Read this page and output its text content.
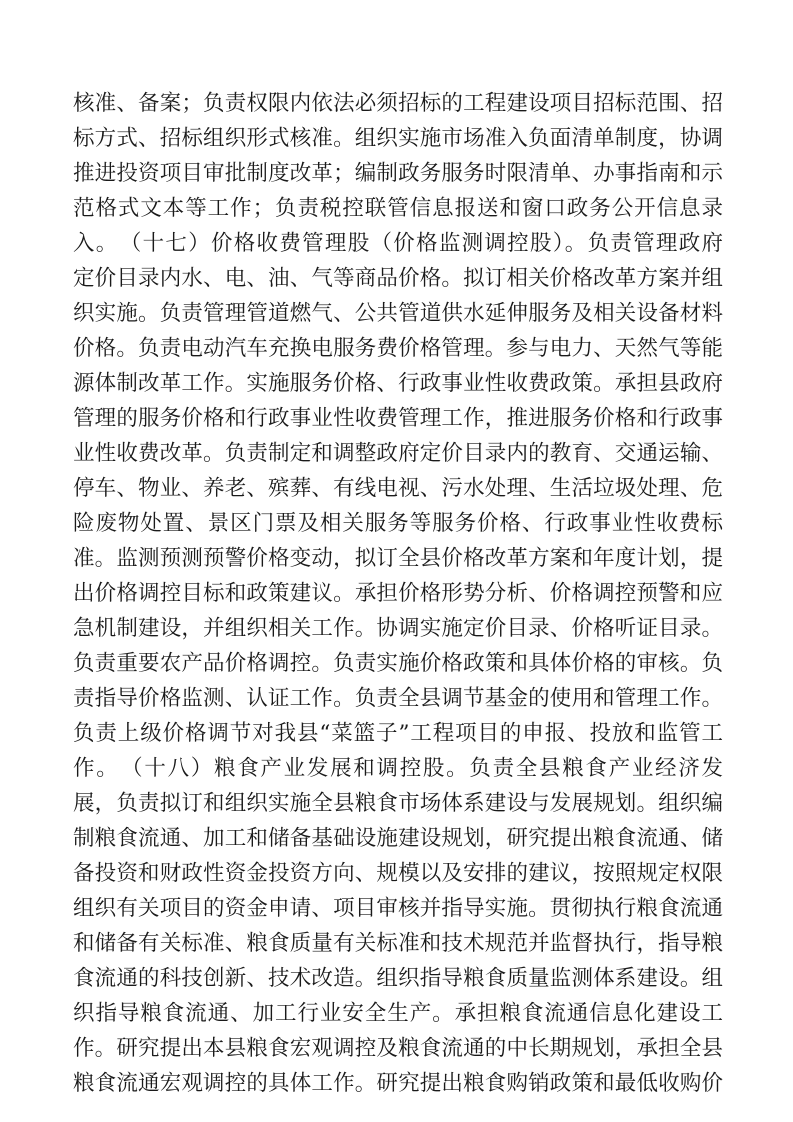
核准、备案；负责权限内依法必须招标的工程建设项目招标范围、招
标方式、招标组织形式核准。组织实施市场准入负面清单制度，协调
推进投资项目审批制度改革；编制政务服务时限清单、办事指南和示
范格式文本等工作；负责税控联管信息报送和窗口政务公开信息录
入。　（十七）价格收费管理股（价格监测调控股）。负责管理政府
定价目录内水、电、油、气等商品价格。拟订相关价格改革方案并组
织实施。负责管理管道燃气、公共管道供水延伸服务及相关设备材料
价格。负责电动汽车充换电服务费价格管理。参与电力、天然气等能
源体制改革工作。实施服务价格、行政事业性收费政策。承担县政府
管理的服务价格和行政事业性收费管理工作，推进服务价格和行政事
业性收费改革。负责制定和调整政府定价目录内的教育、交通运输、
停车、物业、养老、殡葬、有线电视、污水处理、生活垃圾处理、危
险废物处置、景区门票及相关服务等服务价格、行政事业性收费标
准。监测预测预警价格变动，拟订全县价格改革方案和年度计划，提
出价格调控目标和政策建议。承担价格形势分析、价格调控预警和应
急机制建设，并组织相关工作。协调实施定价目录、价格听证目录。
负责重要农产品价格调控。负责实施价格政策和具体价格的审核。负
责指导价格监测、认证工作。负责全县调节基金的使用和管理工作。
负责上级价格调节对我县“菜篮子”工程项目的申报、投放和监管工
作。　（十八）粮食产业发展和调控股。负责全县粮食产业经济发
展，负责拟订和组织实施全县粮食市场体系建设与发展规划。组织编
制粮食流通、加工和储备基础设施建设规划，研究提出粮食流通、储
备投资和财政性资金投资方向、规模以及安排的建议，按照规定权限
组织有关项目的资金申请、项目审核并指导实施。贯彻执行粮食流通
和储备有关标准、粮食质量有关标准和技术规范并监督执行，指导粮
食流通的科技创新、技术改造。组织指导粮食质量监测体系建设。组
织指导粮食流通、加工行业安全生产。承担粮食流通信息化建设工
作。研究提出本县粮食宏观调控及粮食流通的中长期规划，承担全县
粮食流通宏观调控的具体工作。研究提出粮食购销政策和最低收购价
